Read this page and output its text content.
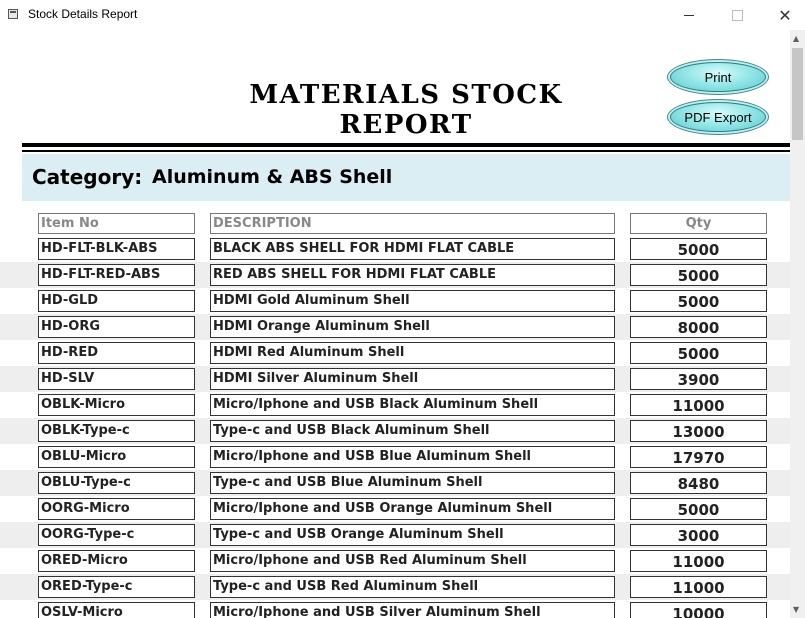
Stock Details Report	✕
▲
▼
MATERIALS STOCK REPORT
Print
PDF Export
Category: Aluminum & ABS Shell
Item No	DESCRIPTION	Qty
HD-FLT-BLK-ABS	BLACK ABS SHELL FOR HDMI FLAT CABLE	5000
HD-FLT-RED-ABS	RED ABS SHELL FOR HDMI FLAT CABLE	5000
HD-GLD	HDMI Gold Aluminum Shell	5000
HD-ORG	HDMI Orange Aluminum Shell	8000
HD-RED	HDMI Red Aluminum Shell	5000
HD-SLV	HDMI Silver Aluminum Shell	3900
OBLK-Micro	Micro/Iphone and USB Black Aluminum Shell	11000
OBLK-Type-c	Type-c and USB Black Aluminum Shell	13000
OBLU-Micro	Micro/Iphone and USB Blue Aluminum Shell	17970
OBLU-Type-c	Type-c and USB Blue Aluminum Shell	8480
OORG-Micro	Micro/Iphone and USB Orange Aluminum Shell	5000
OORG-Type-c	Type-c and USB Orange Aluminum Shell	3000
ORED-Micro	Micro/Iphone and USB Red Aluminum Shell	11000
ORED-Type-c	Type-c and USB Red Aluminum Shell	11000
OSLV-Micro	Micro/Iphone and USB Silver Aluminum Shell	10000
